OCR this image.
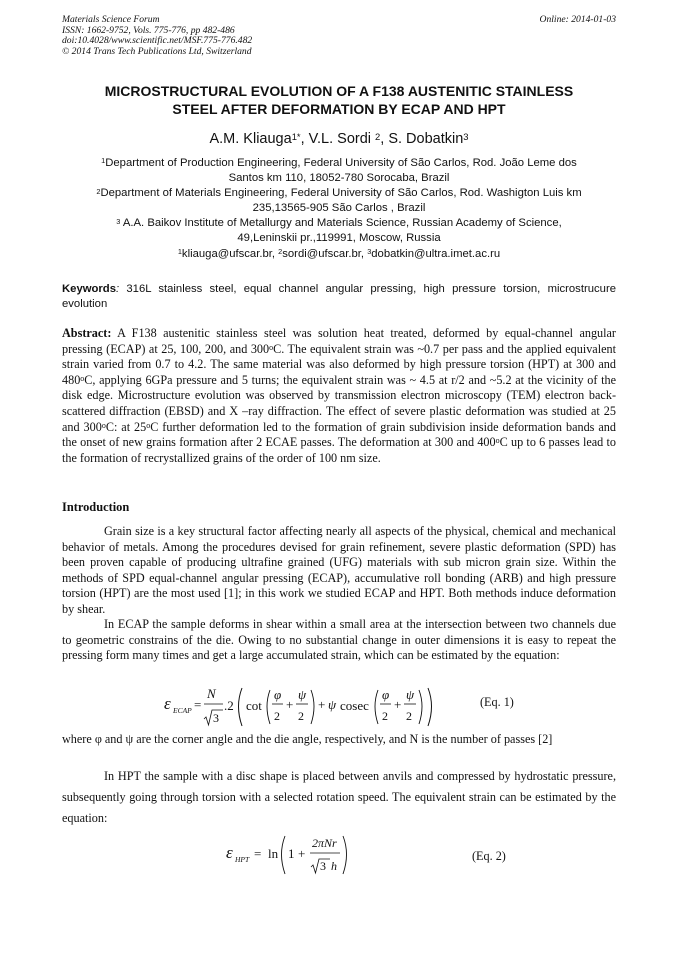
Materials Science Forum
ISSN: 1662-9752, Vols. 775-776, pp 482-486
doi:10.4028/www.scientific.net/MSF.775-776.482
© 2014 Trans Tech Publications Ltd, Switzerland
Online: 2014-01-03
MICROSTRUCTURAL EVOLUTION OF A F138 AUSTENITIC STAINLESS
STEEL AFTER DEFORMATION BY ECAP AND HPT
A.M. Kliauga$^{1*}$, V.L. Sordi $^2$, S. Dobatkin$^3$

$^1$Department of Production Engineering, Federal University of São Carlos, Rod. João Leme dos

Santos km 110, 18052-780 Sorocaba, Brazil

$^2$Department of Materials Engineering, Federal University of São Carlos, Rod. Washigton Luis km

235,13565-905 São Carlos , Brazil

$^3$ A.A. Baikov Institute of Metallurgy and Materials Science, Russian Academy of Science,

49,Leninskii pr.,119991, Moscow, Russia

$^1$kliauga@ufscar.br, $^2$sordi@ufscar.br, $^3$dobatkin@ultra.imet.ac.ru

Keywords: 316L stainless steel, equal channel angular pressing, high pressure torsion, microstrucure evolution
Abstract: A F138 austenitic stainless steel was solution heat treated, deformed by equal-channel angular pressing (ECAP) at 25, 100, 200, and 300$^o$C. The equivalent strain was ~0.7 per pass and the applied equivalent strain varied from 0.7 to 4.2. The same material was also deformed by high pressure torsion (HPT) at 300 and 480$^o$C, applying 6GPa pressure and 5 turns; the equivalent strain was ~ 4.5 at r/2 and ~5.2 at the vicinity of the disk edge. Microstructure evolution was observed by transmission electron microscopy (TEM) electron back-scattered diffraction (EBSD) and X –ray diffraction. The effect of severe plastic deformation was studied at 25 and 300$^o$C: at 25$^o$C further deformation led to the formation of grain subdivision inside deformation bands and the onset of new grains formation after 2 ECAE passes. The deformation at 300 and 400$^o$C up to 6 passes lead to the formation of recrystallized grains of the order of 100 nm size.
Introduction
Grain size is a key structural factor affecting nearly all aspects of the physical, chemical and mechanical behavior of metals. Among the procedures devised for grain refinement, severe plastic deformation (SPD) has been proven capable of producing ultrafine grained (UFG) materials with sub micron grain size. Within the methods of SPD equal-channel angular pressing (ECAP), accumulative roll bonding (ARB) and high pressure torsion (HPT) are the most used [1]; in this work we studied ECAP and HPT. Both methods induce deformation by shear.
In ECAP the sample deforms in shear within a small area at the intersection between two channels due to geometric constrains of the die. Owing to no substantial change in outer dimensions it is easy to repeat the pressing form many times and get a large accumulated strain, which can be estimated by the equation:
ε ECAP =
N
3
.2 cot
φ
2
+
ψ
2
+ ψ cosec
φ
2
+
ψ
2
(Eq. 1)
where φ and ψ are the corner angle and the die angle, respectively, and N is the number of passes [2]
In HPT the sample with a disc shape is placed between anvils and compressed by hydrostatic pressure, subsequently going through torsion with a selected rotation speed. The equivalent strain can be estimated by the equation:
ε HPT = ln 1 +
2πNr
3 h
(Eq. 2)
